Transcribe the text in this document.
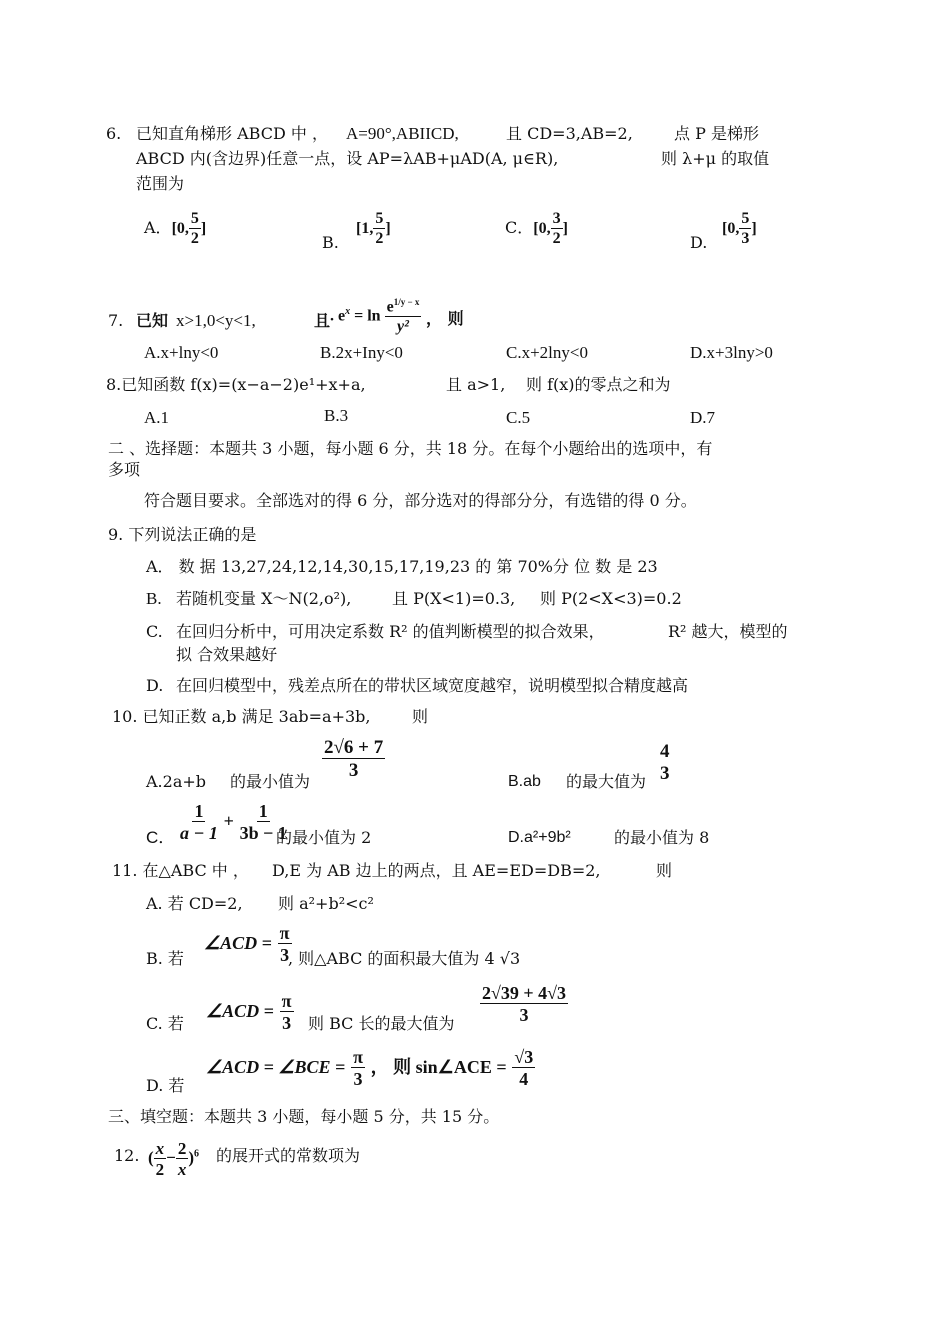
6. 已知直角梯形 ABCD 中 ， A=90°,ABIICD,	且 CD=3,AB=2,	点 P 是梯形
ABCD 内(含边界)任意一点，设 AP=λAB+μAD(A, μ∈R),	则 λ+μ 的取值
范围为
A．[0, $\frac{5}{2}$ ]
B.
[1, $\frac{5}{2}$ ]	C．[0, $\frac{3}{2}$ ]
D.
[0, $\frac{5}{3}$ ]
7. 已知 x>1,0<y<1,	且 . $e^x = \ln \frac{e^{1/y - x}}{\text{y²}}$ ， 则
A.x+lny<0	B.2x+Iny<0	C.x+2lny<0	D.x+3lny>0
8.已知函数 f(x)=(x−a−2)e¹+x+a,	且 a>1, 则 f(x)的零点之和为
A.1	B.3	C.5	D.7
二 、选择题：本题共 3 小题，每小题 6 分，共 18 分。在每个小题给出的选项中，有
多项
符合题目要求。全部选对的得 6 分，部分选对的得部分分，有选错的得 0 分。
9. 下列说法正确的是
A． 数 据 13,27,24,12,14,30,15,17,19,23 的 第 70%分 位 数 是 23
B. 若随机变量 X～N(2,o²),	且 P(X<1)=0.3, 则 P(2<X<3)=0.2
C. 在回归分析中，可用决定系数 R² 的值判断模型的拟合效果，	R² 越大，模型的
拟 合效果越好
D. 在回归模型中，残差点所在的带状区域宽度越窄，说明模型拟合精度越高
10. 已知正数 a,b 满足 3ab=a+3b,	则
A.2a+b 的最小值为
$\frac{2√6 + 7}{3}$
B.ab 的最大值为
4
3
C． $\frac{1}{a - 1} + \frac{1}{3b - 1}$
的最小值为 2	D.a²+9b²	的最小值为 8
11. 在△ABC 中 ， D,E 为 AB 边上的两点，且 AE=ED=DB=2,	则
A. 若 CD=2, 则 a²+b²<c²
B. 若
∠ACD = $\frac{\pi}{3}$
, 则△ABC 的面积最大值为 4 √3
C. 若
∠ACD = $\frac{\pi}{3}$ 则 BC 长的最大值为 $\frac{2√39 + 4√3}{3}$
D. 若
∠ACD = ∠BCE = $\frac{\pi}{3}$ ， 则 sin∠ACE = $\frac{√3}{4}$
三、填空题：本题共 3 小题，每小题 5 分，共 15 分。
12. ( $\frac{x}{2} - \frac{2}{x} )^6$ 的展开式的常数项为
